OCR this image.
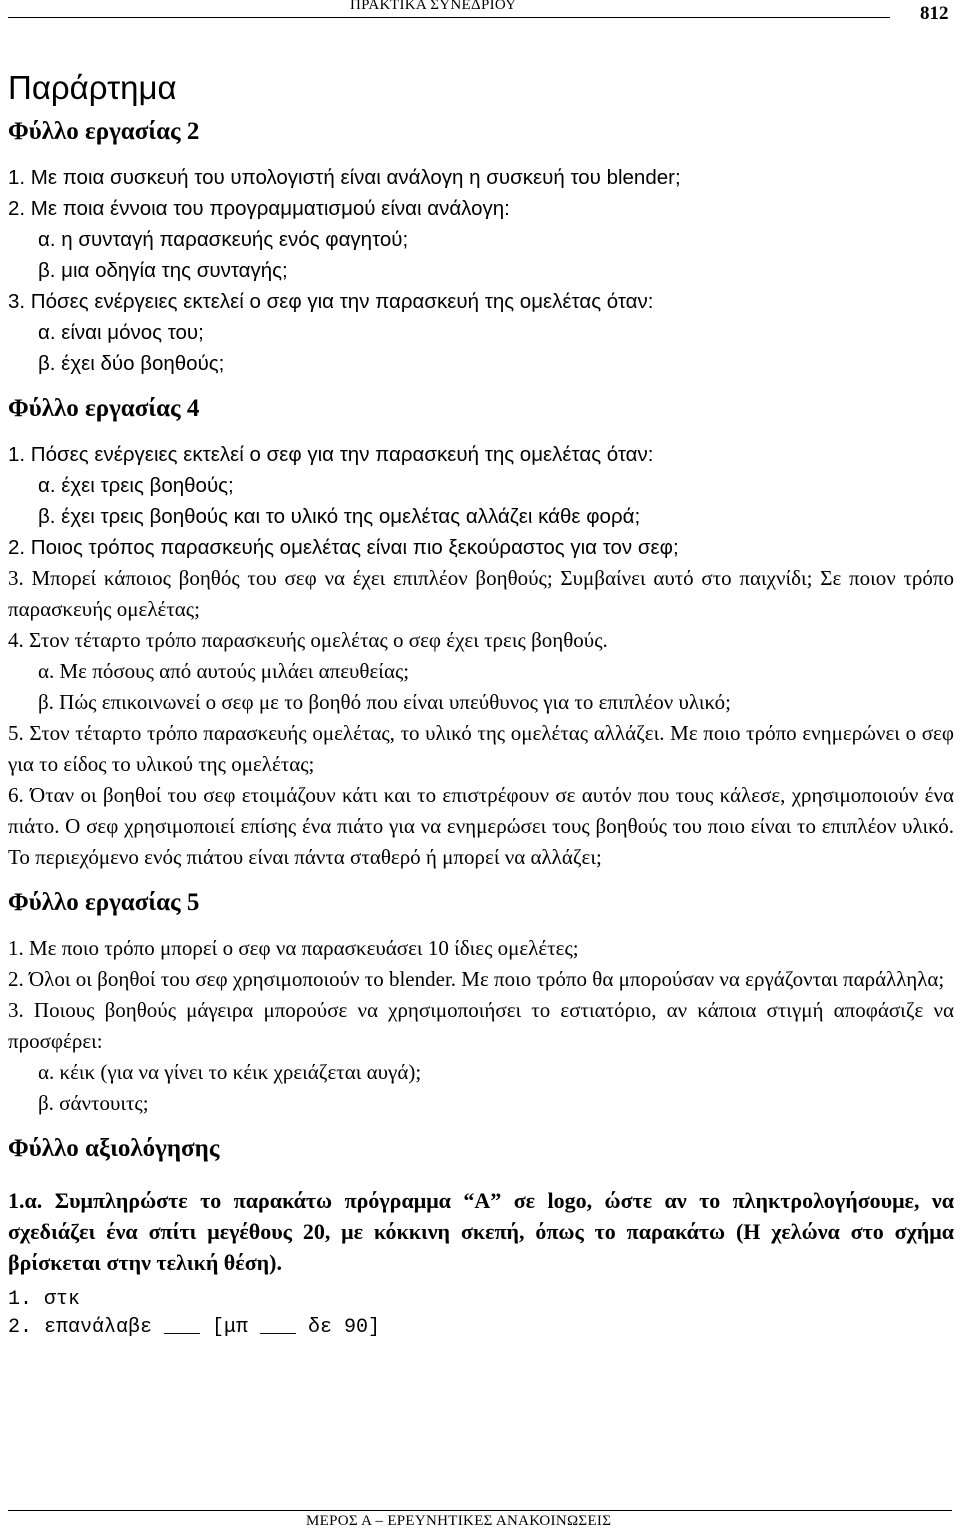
ΠΡΑΚΤΙΚΑ ΣΥΝΕΔΡΙΟΥ	812
Παράρτημα
Φύλλο εργασίας 2
1. Με ποια συσκευή του υπολογιστή είναι ανάλογη η συσκευή του blender;
2. Με ποια έννοια του προγραμματισμού είναι ανάλογη:
α. η συνταγή παρασκευής ενός φαγητού;
β. μια οδηγία της συνταγής;
3. Πόσες ενέργειες εκτελεί ο σεφ για την παρασκευή της ομελέτας όταν:
α. είναι μόνος του;
β. έχει δύο βοηθούς;
Φύλλο εργασίας 4
1. Πόσες ενέργειες εκτελεί ο σεφ για την παρασκευή της ομελέτας όταν:
α. έχει τρεις βοηθούς;
β. έχει τρεις βοηθούς και το υλικό της ομελέτας αλλάζει κάθε φορά;
2. Ποιος τρόπος παρασκευής ομελέτας είναι πιο ξεκούραστος για τον σεφ;
3. Μπορεί κάποιος βοηθός του σεφ να έχει επιπλέον βοηθούς; Συμβαίνει αυτό στο παιχνίδι; Σε ποιον τρόπο παρασκευής ομελέτας;
4. Στον τέταρτο τρόπο παρασκευής ομελέτας ο σεφ έχει τρεις βοηθούς.
α. Με πόσους από αυτούς μιλάει απευθείας;
β. Πώς επικοινωνεί ο σεφ με το βοηθό που είναι υπεύθυνος για το επιπλέον υλικό;
5. Στον τέταρτο τρόπο παρασκευής ομελέτας, το υλικό της ομελέτας αλλάζει. Με ποιο τρόπο ενημερώνει ο σεφ για το είδος το υλικού της ομελέτας;
6. Όταν οι βοηθοί του σεφ ετοιμάζουν κάτι και το επιστρέφουν σε αυτόν που τους κάλεσε, χρησιμοποιούν ένα πιάτο. Ο σεφ χρησιμοποιεί επίσης ένα πιάτο για να ενημερώσει τους βοηθούς του ποιο είναι το επιπλέον υλικό. Το περιεχόμενο ενός πιάτου είναι πάντα σταθερό ή μπορεί να αλλάζει;
Φύλλο εργασίας 5
1. Με ποιο τρόπο μπορεί ο σεφ να παρασκευάσει 10 ίδιες ομελέτες;
2. Όλοι οι βοηθοί του σεφ χρησιμοποιούν το blender. Με ποιο τρόπο θα μπορούσαν να εργάζονται παράλληλα;
3. Ποιους βοηθούς μάγειρα μπορούσε να χρησιμοποιήσει το εστιατόριο, αν κάποια στιγμή αποφάσιζε να προσφέρει:
α. κέικ (για να γίνει το κέικ χρειάζεται αυγά);
β. σάντουιτς;
Φύλλο αξιολόγησης
1.α. Συμπληρώστε το παρακάτω πρόγραμμα “A” σε logo, ώστε αν το πληκτρολογήσουμε, να σχεδιάζει ένα σπίτι μεγέθους 20, με κόκκινη σκεπή, όπως το παρακάτω (Η χελώνα στο σχήμα βρίσκεται στην τελική θέση).
1. στκ
2. επανάλαβε ___ [μπ ___ δε 90]
ΜΕΡΟΣ Α – ΕΡΕΥΝΗΤΙΚΕΣ ΑΝΑΚΟΙΝΩΣΕΙΣ
